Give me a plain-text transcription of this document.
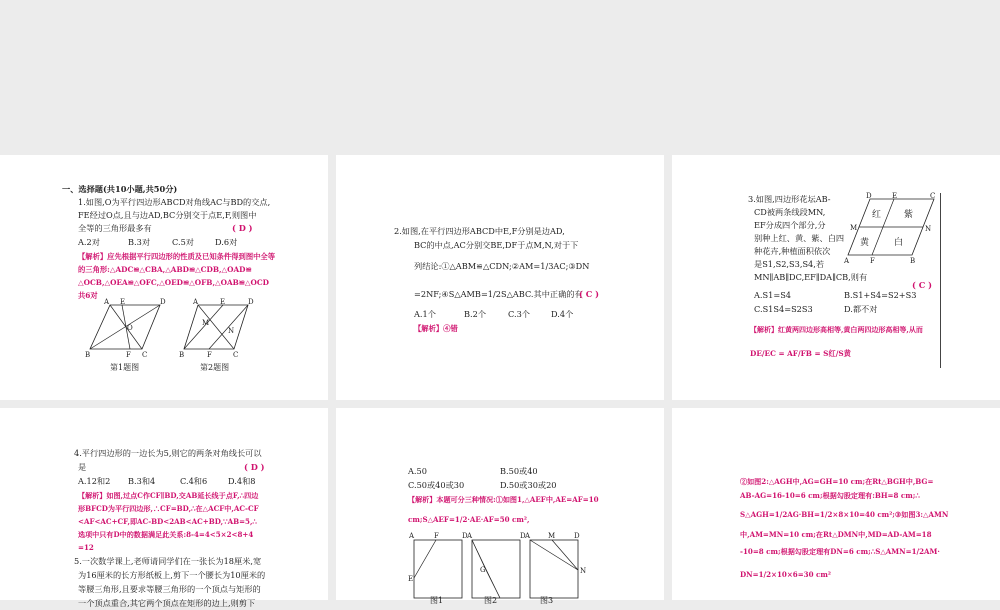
一、选择题(共10小题,共50分)
1.如图,O为平行四边形ABCD对角线AC与BD的交点,
FE经过O点,且与边AD,BC分别交于点E,F,则图中
全等的三角形最多有	( D )
A.2对	B.3对	C.5对	D.6对
【解析】应先根据平行四边形的性质及已知条件得到图中全等
的三角形:△ADC≌△CBA,△ABD≌△CDB,△OAD≌
△OCB,△OEA≌△OFC,△OED≌△OFB,△OAB≌△OCD
共6对
A E	D
O
B	F C
第1题图
A	E	D
M
N
B	F	C
第2题图
2.如图,在平行四边形ABCD中E,F分别是边AD,
BC的中点,AC分别交BE,DF于点M,N,对于下
列结论:①△ABM≌△CDN;②AM=1/3AC;③DN
=2NF;④S△AMB=1/2S△ABC.其中正确的有
( C )
A.1个	B.2个	C.3个	D.4个
【解析】④错
3.如图,四边形花坛AB-
CD被两条线段MN,
EF分成四个部分,分
别种上红、黄、紫、白四
种花卉,种植面积依次
是S1,S2,S3,S4,若
MN∥AB∥DC,EF∥DA∥CB,则有
( C )
D	E	C
M	N
A	F	B
红	紫
黄	白
A.S1=S4	B.S1+S4=S2+S3
C.S1S4=S2S3	D.都不对
【解析】红黄两四边形高相等,黄白两四边形高相等,从而
DE/EC = AF/FB = S红/S黄
4.平行四边形的一边长为5,则它的两条对角线长可以
是	( D )
A.12和2 B.3和4	C.4和6	D.4和8
【解析】如图,过点C作CF∥BD,交AB延长线于点F,∴四边
形BFCD为平行四边形,∴CF=BD,∴在△ACF中,AC-CF
<AF<AC+CF,即AC-BD<2AB<AC+BD,∵AB=5,∴
选项中只有D中的数据满足此关系:8-4=4<5×2<8+4
=12
5.一次数学课上,老师请同学们在一张长为18厘米,宽
为16厘米的长方形纸板上,剪下一个腰长为10厘米的
等腰三角形,且要求等腰三角形的一个顶点与矩形的
一个顶点重合,其它两个顶点在矩形的边上,则剪下
A.50	B.50或40
C.50或40或30	D.50或30或20
【解析】本题可分三种情况:①如图1,△AEF中,AE=AF=10
cm;S△AEF=1/2·AE·AF=50 cm²,
A	F	D
E
A	D
G
A	M	D
N
图1	图2	图3
②如图2:△AGH中,AG=GH=10 cm;在Rt△BGH中,BG=
AB-AG=16-10=6 cm;根据勾股定理有:BH=8 cm;∴
S△AGH=1/2AG·BH=1/2×8×10=40 cm²;③如图3:△AMN
中,AM=MN=10 cm;在Rt△DMN中,MD=AD-AM=18
-10=8 cm;根据勾股定理有DN=6 cm;∴S△AMN=1/2AM·
DN=1/2×10×6=30 cm²
